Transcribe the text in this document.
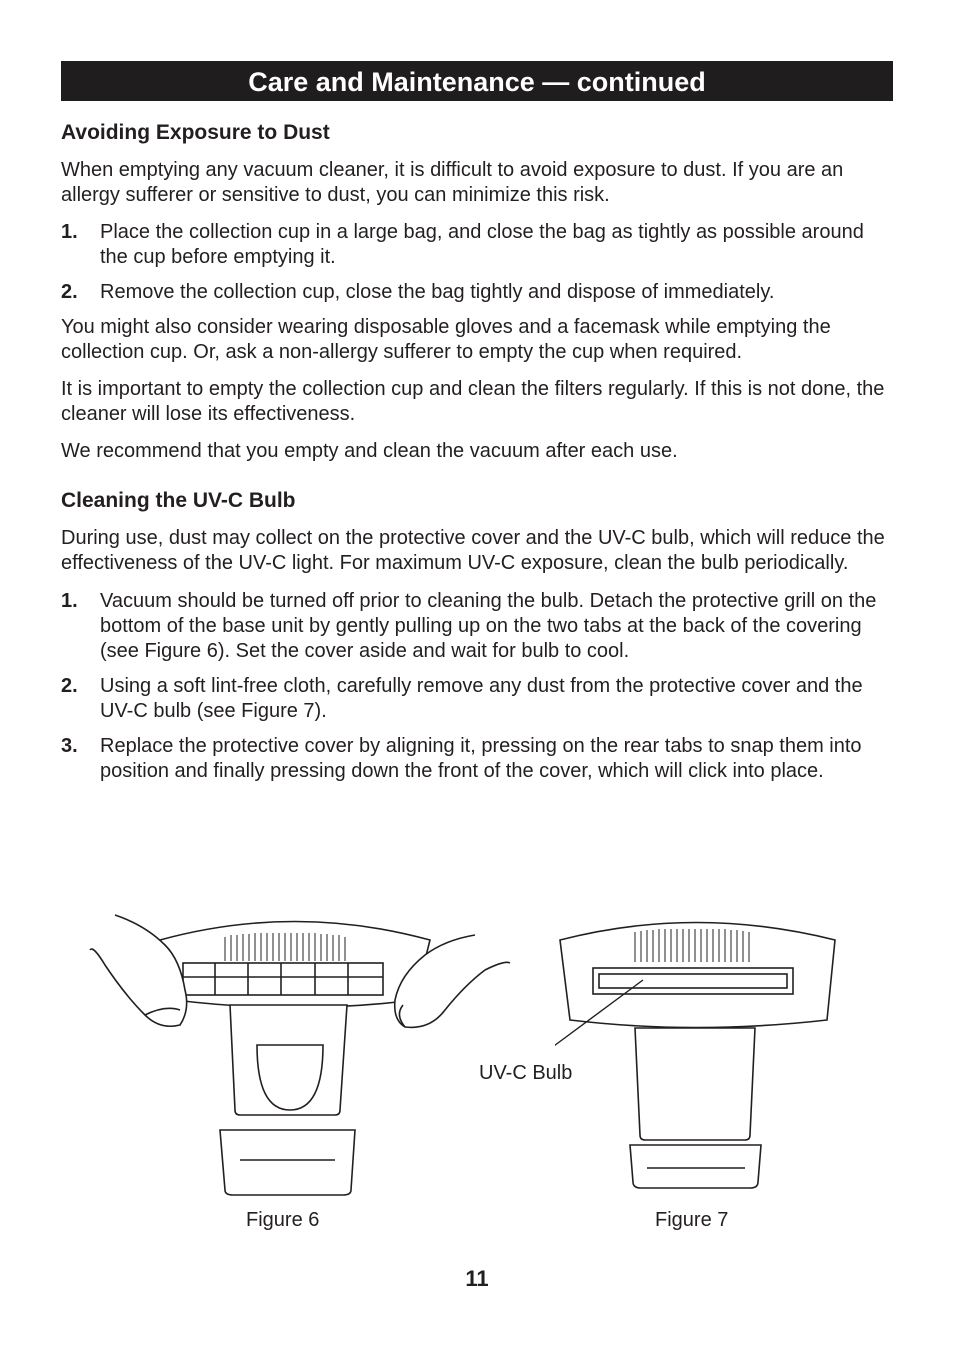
Care and Maintenance — continued
Avoiding Exposure to Dust

When emptying any vacuum cleaner, it is difficult to avoid exposure to dust. If you are an allergy sufferer or sensitive to dust, you can minimize this risk.

1. Place the collection cup in a large bag, and close the bag as tightly as possible around the cup before emptying it.
2. Remove the collection cup, close the bag tightly and dispose of immediately.

You might also consider wearing disposable gloves and a facemask while emptying the collection cup. Or, ask a non-allergy sufferer to empty the cup when required.

It is important to empty the collection cup and clean the filters regularly. If this is not done, the cleaner will lose its effectiveness.

We recommend that you empty and clean the vacuum after each use.

Cleaning the UV-C Bulb

During use, dust may collect on the protective cover and the UV-C bulb, which will reduce the effectiveness of the UV-C light. For maximum UV-C exposure, clean the bulb periodically.

1. Vacuum should be turned off prior to cleaning the bulb. Detach the protective grill on the bottom of the base unit by gently pulling up on the two tabs at the back of the covering (see Figure 6). Set the cover aside and wait for bulb to cool.
2. Using a soft lint-free cloth, carefully remove any dust from the protective cover and the UV-C bulb (see Figure 7).
3. Replace the protective cover by aligning it, pressing on the rear tabs to snap them into position and finally pressing down the front of the cover, which will click into place.
Figure 6
UV-C Bulb
Figure 7
11
